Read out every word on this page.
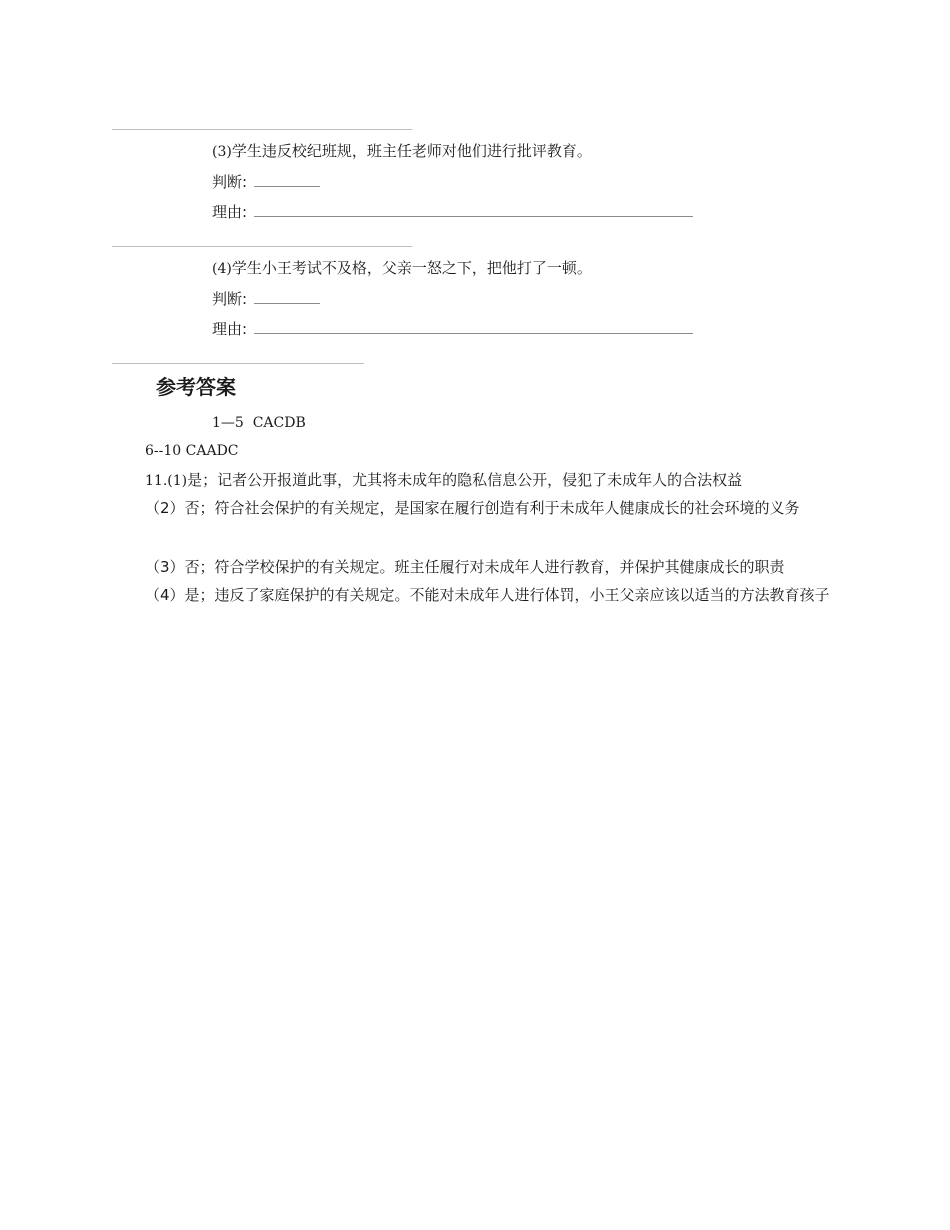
(3)学生违反校纪班规，班主任老师对他们进行批评教育。
判断:
理由:
(4)学生小王考试不及格，父亲一怒之下，把他打了一顿。
判断:
理由:
参考答案
1—5  CACDB
6--10 CAADC
11.(1)是；记者公开报道此事，尤其将未成年的隐私信息公开，侵犯了未成年人的合法权益
（2）否；符合社会保护的有关规定，是国家在履行创造有利于未成年人健康成长的社会环境的义务
（3）否；符合学校保护的有关规定。班主任履行对未成年人进行教育，并保护其健康成长的职责
（4）是；违反了家庭保护的有关规定。不能对未成年人进行体罚，小王父亲应该以适当的方法教育孩子
